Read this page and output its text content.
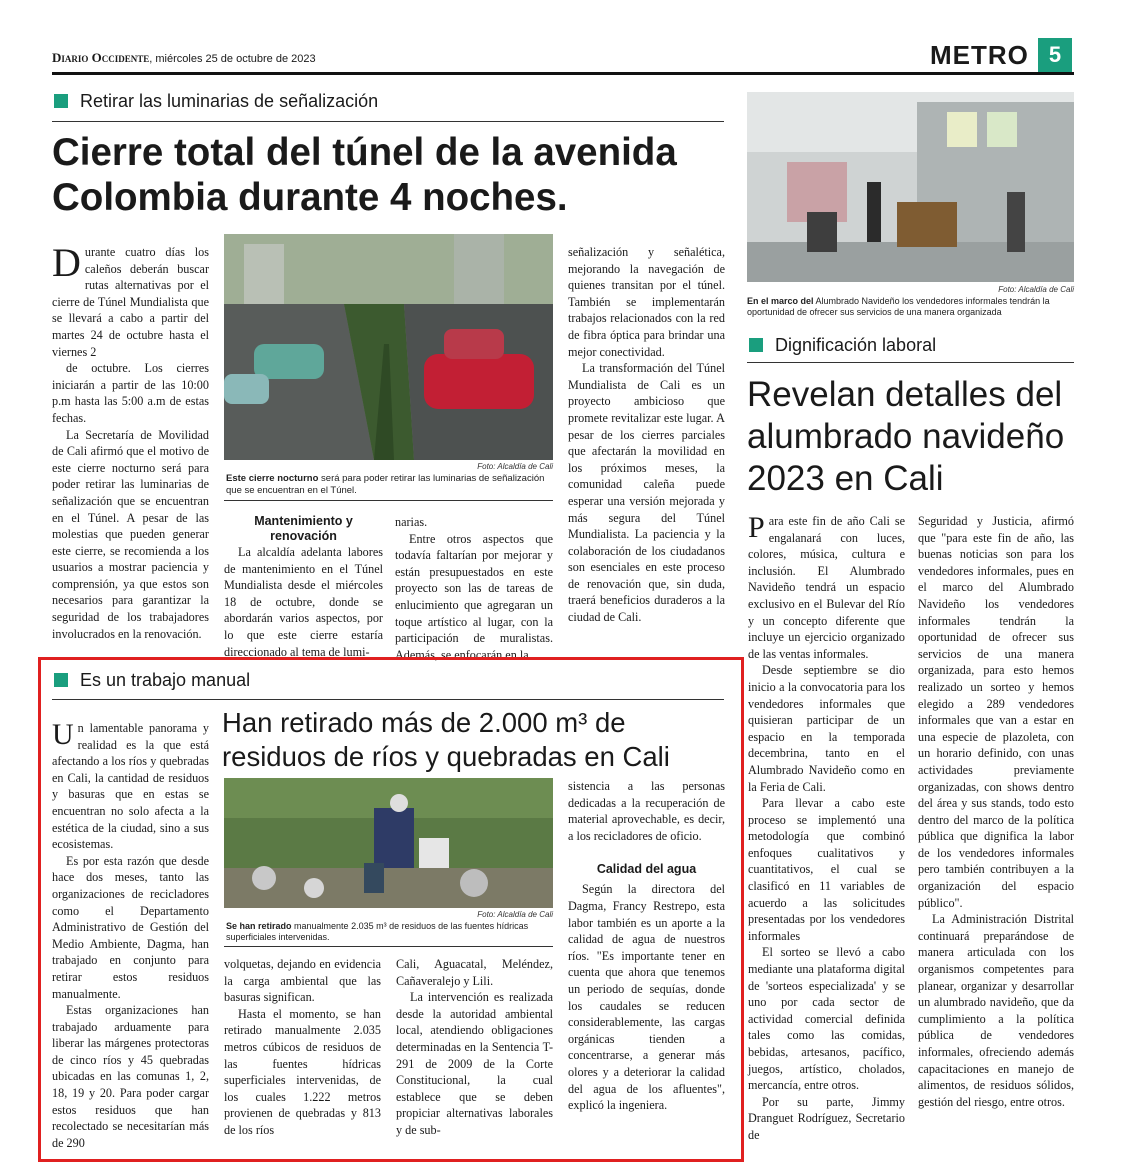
Diario Occidente, miércoles 25 de octubre de 2023	METRO 5
Retirar las luminarias de señalización
Cierre total del túnel de la avenida
Colombia durante 4 noches.

Durante cuatro días los caleños deberán buscar rutas alternativas por el cierre de Túnel Mundialista que se llevará a cabo a partir del martes 24 de octubre hasta el viernes 2

de octubre. Los cierres iniciarán a partir de las 10:00 p.m hasta las 5:00 a.m de estas fechas.

La Secretaría de Movilidad de Cali afirmó que el motivo de este cierre nocturno será para poder retirar las luminarias de señalización que se encuentran en el Túnel. A pesar de las molestias que pueden generar este cierre, se recomienda a los usuarios a mostrar paciencia y comprensión, ya que estos son necesarios para garantizar la seguridad de los trabajadores involucrados en la renovación.

Foto: Alcaldía de Cali
Este cierre nocturno será para poder retirar las luminarias de señalización que se encuentran en el Túnel.
Mantenimiento y renovación

La alcaldía adelanta labores de mantenimiento en el Túnel Mundialista desde el miércoles 18 de octubre, donde se abordarán varios aspectos, por lo que este cierre estaría direccionado al tema de lumi-

narias.

Entre otros aspectos que todavía faltarían por mejorar y están presupuestados en este proyecto son las de tareas de enlucimiento que agregaran un toque artístico al lugar, con la participación de muralistas. Además, se enfocarán en la

señalización y señalética, mejorando la navegación de quienes transitan por el túnel. También se implementarán trabajos relacionados con la red de fibra óptica para brindar una mejor conectividad.

La transformación del Túnel Mundialista de Cali es un proyecto ambicioso que promete revitalizar este lugar. A pesar de los cierres parciales que afectarán la movilidad en los próximos meses, la comunidad caleña puede esperar una versión mejorada y más segura del Túnel Mundialista. La paciencia y la colaboración de los ciudadanos son esenciales en este proceso de renovación que, sin duda, traerá beneficios duraderos a la ciudad de Cali.

Foto: Alcaldía de Cali
En el marco del Alumbrado Navideño los vendedores informales tendrán la oportunidad de ofrecer sus servicios de una manera organizada
Dignificación laboral
Revelan detalles del
alumbrado navideño
2023 en Cali

Para este fin de año Cali se engalanará con luces, colores, música, cultura e inclusión. El Alumbrado Navideño tendrá un espacio exclusivo en el Bulevar del Río y un concepto diferente que incluye un ejercicio organizado de las ventas informales.

Desde septiembre se dio inicio a la convocatoria para los vendedores informales que quisieran participar de un espacio en la temporada decembrina, tanto en el Alumbrado Navideño como en la Feria de Cali.

Para llevar a cabo este proceso se implementó una metodología que combinó enfoques cualitativos y cuantitativos, el cual se clasificó en 11 variables de acuerdo a las solicitudes presentadas por los vendedores informales

El sorteo se llevó a cabo mediante una plataforma digital de 'sorteos especializada' y se uno por cada sector de actividad comercial definida tales como las comidas, bebidas, artesanos, pacífico, juegos, artístico, cholados, mercancía, entre otros.

Por su parte, Jimmy Dranguet Rodríguez, Secretario de

Seguridad y Justicia, afirmó que "para este fin de año, las buenas noticias son para los vendedores informales, pues en el marco del Alumbrado Navideño los vendedores informales tendrán la oportunidad de ofrecer sus servicios de una manera organizada, para esto hemos realizado un sorteo y hemos elegido a 289 vendedores informales que van a estar en una especie de plazoleta, con un horario definido, con unas actividades previamente organizadas, con shows dentro del área y sus stands, todo esto dentro del marco de la política pública que dignifica la labor de los vendedores informales pero también contribuyen a la organización del espacio público".

La Administración Distrital continuará preparándose de manera articulada con los organismos competentes para planear, organizar y desarrollar un alumbrado navideño, que da cumplimiento a la política pública de vendedores informales, ofreciendo además capacitaciones en manejo de alimentos, de residuos sólidos, gestión del riesgo, entre otros.

Es un trabajo manual

Un lamentable panorama y realidad es la que está afectando a los ríos y quebradas en Cali, la cantidad de residuos y basuras que en estas se encuentran no solo afecta a la estética de la ciudad, sino a sus ecosistemas.

Es por esta razón que desde hace dos meses, tanto las organizaciones de recicladores como el Departamento Administrativo de Gestión del Medio Ambiente, Dagma, han trabajado en conjunto para retirar estos residuos manualmente.

Estas organizaciones han trabajado arduamente para liberar las márgenes protectoras de cinco ríos y 45 quebradas ubicadas en las comunas 1, 2, 18, 19 y 20. Para poder cargar estos residuos que han recolectado se necesitarían más de 290

Han retirado más de 2.000 m³ de
residuos de ríos y quebradas en Cali
Foto: Alcaldía de Cali
Se han retirado manualmente 2.035 m³ de residuos de las fuentes hídricas superficiales intervenidas.

volquetas, dejando en evidencia la carga ambiental que las basuras significan.

Hasta el momento, se han retirado manualmente 2.035 metros cúbicos de residuos de las fuentes hídricas superficiales intervenidas, de los cuales 1.222 metros provienen de quebradas y 813 de los ríos

Cali, Aguacatal, Meléndez, Cañaveralejo y Lili.

La intervención es realizada desde la autoridad ambiental local, atendiendo obligaciones determinadas en la Sentencia T-291 de 2009 de la Corte Constitucional, la cual establece que se deben propiciar alternativas laborales y de sub-

sistencia a las personas dedicadas a la recuperación de material aprovechable, es decir, a los recicladores de oficio.

Calidad del agua

Según la directora del Dagma, Francy Restrepo, esta labor también es un aporte a la calidad de agua de nuestros ríos. "Es importante tener en cuenta que ahora que tenemos un periodo de sequías, donde los caudales se reducen considerablemente, las cargas orgánicas tienden a concentrarse, a generar más olores y a deteriorar la calidad del agua de los afluentes", explicó la ingeniera.
